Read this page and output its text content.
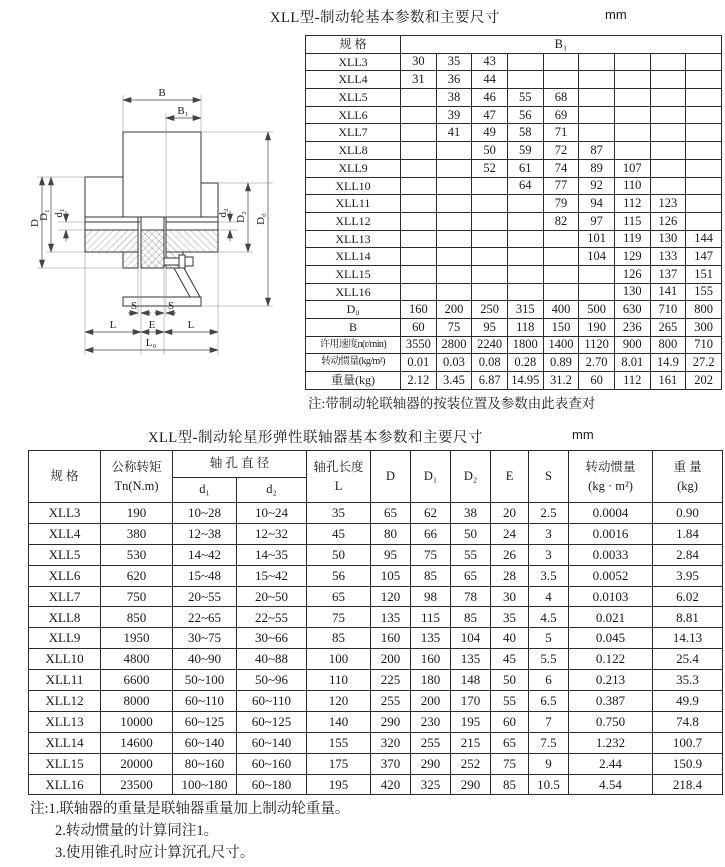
XLL型-制动轮基本参数和主要尺寸	mm
B
B₁
D
D₁ d₁	d₂ D₂ D₀
S	S
L	E	L
L₀
规 格	B₁								
XLL3	30	35	43						
XLL4	31	36	44						
XLL5		38	46	55	68				
XLL6		39	47	56	69				
XLL7		41	49	58	71				
XLL8			50	59	72	87			
XLL9			52	61	74	89	107		
XLL10				64	77	92	110		
XLL11					79	94	112	123	
XLL12					82	97	115	126	
XLL13						101	119	130	144
XLL14						104	129	133	147
XLL15							126	137	151
XLL16							130	141	155
D₀	160	200	250	315	400	500	630	710	800
B	60	75	95	118	150	190	236	265	300
许用速度n(r/min)	3550	2800	2240	1800	1400	1120	900	800	710
转动惯量(kg/m²)	0.01	0.03	0.08	0.28	0.89	2.70	8.01	14.9	27.2
重量(kg)	2.12	3.45	6.87	14.95	31.2	60	112	161	202
注:带制动轮联轴器的按装位置及参数由此表查对
XLL型-制动轮星形弹性联轴器基本参数和主要尺寸	mm
规 格	公称转矩
Tn(N.m)	轴 孔 直 径		轴孔长度
L	D	D₁	D₂	E	S	转动惯量
(kg · m²)	重 量
(kg)

		d₁	d₂								
XLL3	190	10~28	10~24	35	65	62	38	20	2.5	0.0004	0.90
XLL4	380	12~38	12~32	45	80	66	50	24	3	0.0016	1.84
XLL5	530	14~42	14~35	50	95	75	55	26	3	0.0033	2.84
XLL6	620	15~48	15~42	56	105	85	65	28	3.5	0.0052	3.95
XLL7	750	20~55	20~50	65	120	98	78	30	4	0.0103	6.02
XLL8	850	22~65	22~55	75	135	115	85	35	4.5	0.021	8.81
XLL9	1950	30~75	30~66	85	160	135	104	40	5	0.045	14.13
XLL10	4800	40~90	40~88	100	200	160	135	45	5.5	0.122	25.4
XLL11	6600	50~100	50~96	110	225	180	148	50	6	0.213	35.3
XLL12	8000	60~110	60~110	120	255	200	170	55	6.5	0.387	49.9
XLL13	10000	60~125	60~125	140	290	230	195	60	7	0.750	74.8
XLL14	14600	60~140	60~140	155	320	255	215	65	7.5	1.232	100.7
XLL15	20000	80~160	60~160	175	370	290	252	75	9	2.44	150.9
XLL16	23500	100~180	60~180	195	420	325	290	85	10.5	4.54	218.4
注:1.联轴器的重量是联轴器重量加上制动轮重量。
2.转动惯量的计算同注1。
3.使用锥孔时应计算沉孔尺寸。
